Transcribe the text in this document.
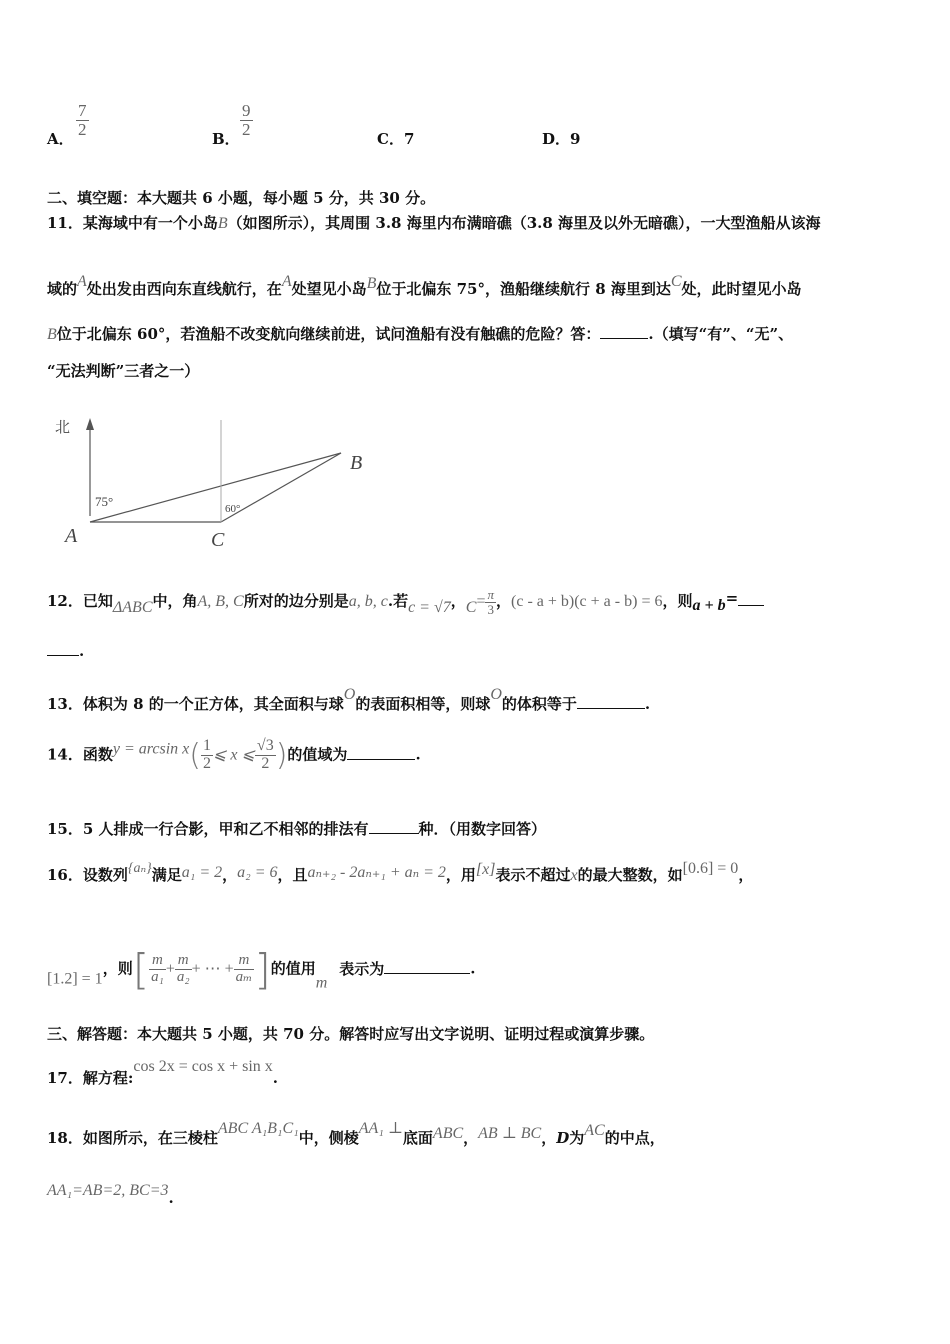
A．
$\frac{7}{2}$
B．
$\frac{9}{2}$
C．7	D．9
二、填空题：本大题共 6 小题，每小题 5 分，共 30 分。
11．某海域中有一个小岛B（如图所示），其周围 3.8 海里内布满暗礁（3.8 海里及以外无暗礁），一大型渔船从该海
域的A处出发由西向东直线航行，在A处望见小岛B位于北偏东 75°，渔船继续航行 8 海里到达C处，此时望见小岛
B位于北偏东 60°，若渔船不改变航向继续前进，试问渔船有没有触礁的危险？答：	.（填写“有”、“无”、
“无法判断”三者之一）
北
75°	60°
A
B
C
12．已知ΔABC中，角A, B, C所对的边分别是a, b, c.若c = √7，$C= \frac{\pi}{3}$ ，(c - a + b)(c + a - b) = 6，则a + b=
.
13．体积为 8 的一个正方体，其全面积与球O的表面积相等，则球O的体积等于	.
14．函数$y = \arcsin x( \frac{1}{2}$ ⩽ x ⩽ $\frac{√3}{2}$ )的值域为	.
15．5 人排成一行合影，甲和乙不相邻的排法有	种．（用数字回答）
16．设数列{aₙ}满足a₁ = 2，a₂ = 6，且aₙ₊₂ - 2aₙ₊₁ + aₙ = 2，用[x]表示不超过x的最大整数，如[0.6] = 0，
[1.2] = 1，则[ $\frac{m}{\text{a₁}} + \frac{m}{\text{a₂}}$ + ⋯ + $\frac{m}{\text{aₘ}}$ ]的值用m表示为	.
三、解答题：本大题共 5 小题，共 70 分。解答时应写出文字说明、证明过程或演算步骤。
17．解方程:cos 2x = cos x + sin x.
18．如图所示，在三棱柱ABC A₁B₁C₁中，侧棱AA₁ ⊥底面ABC，AB ⊥ BC，D为AC的中点，
AA₁=AB=2, BC=3.
